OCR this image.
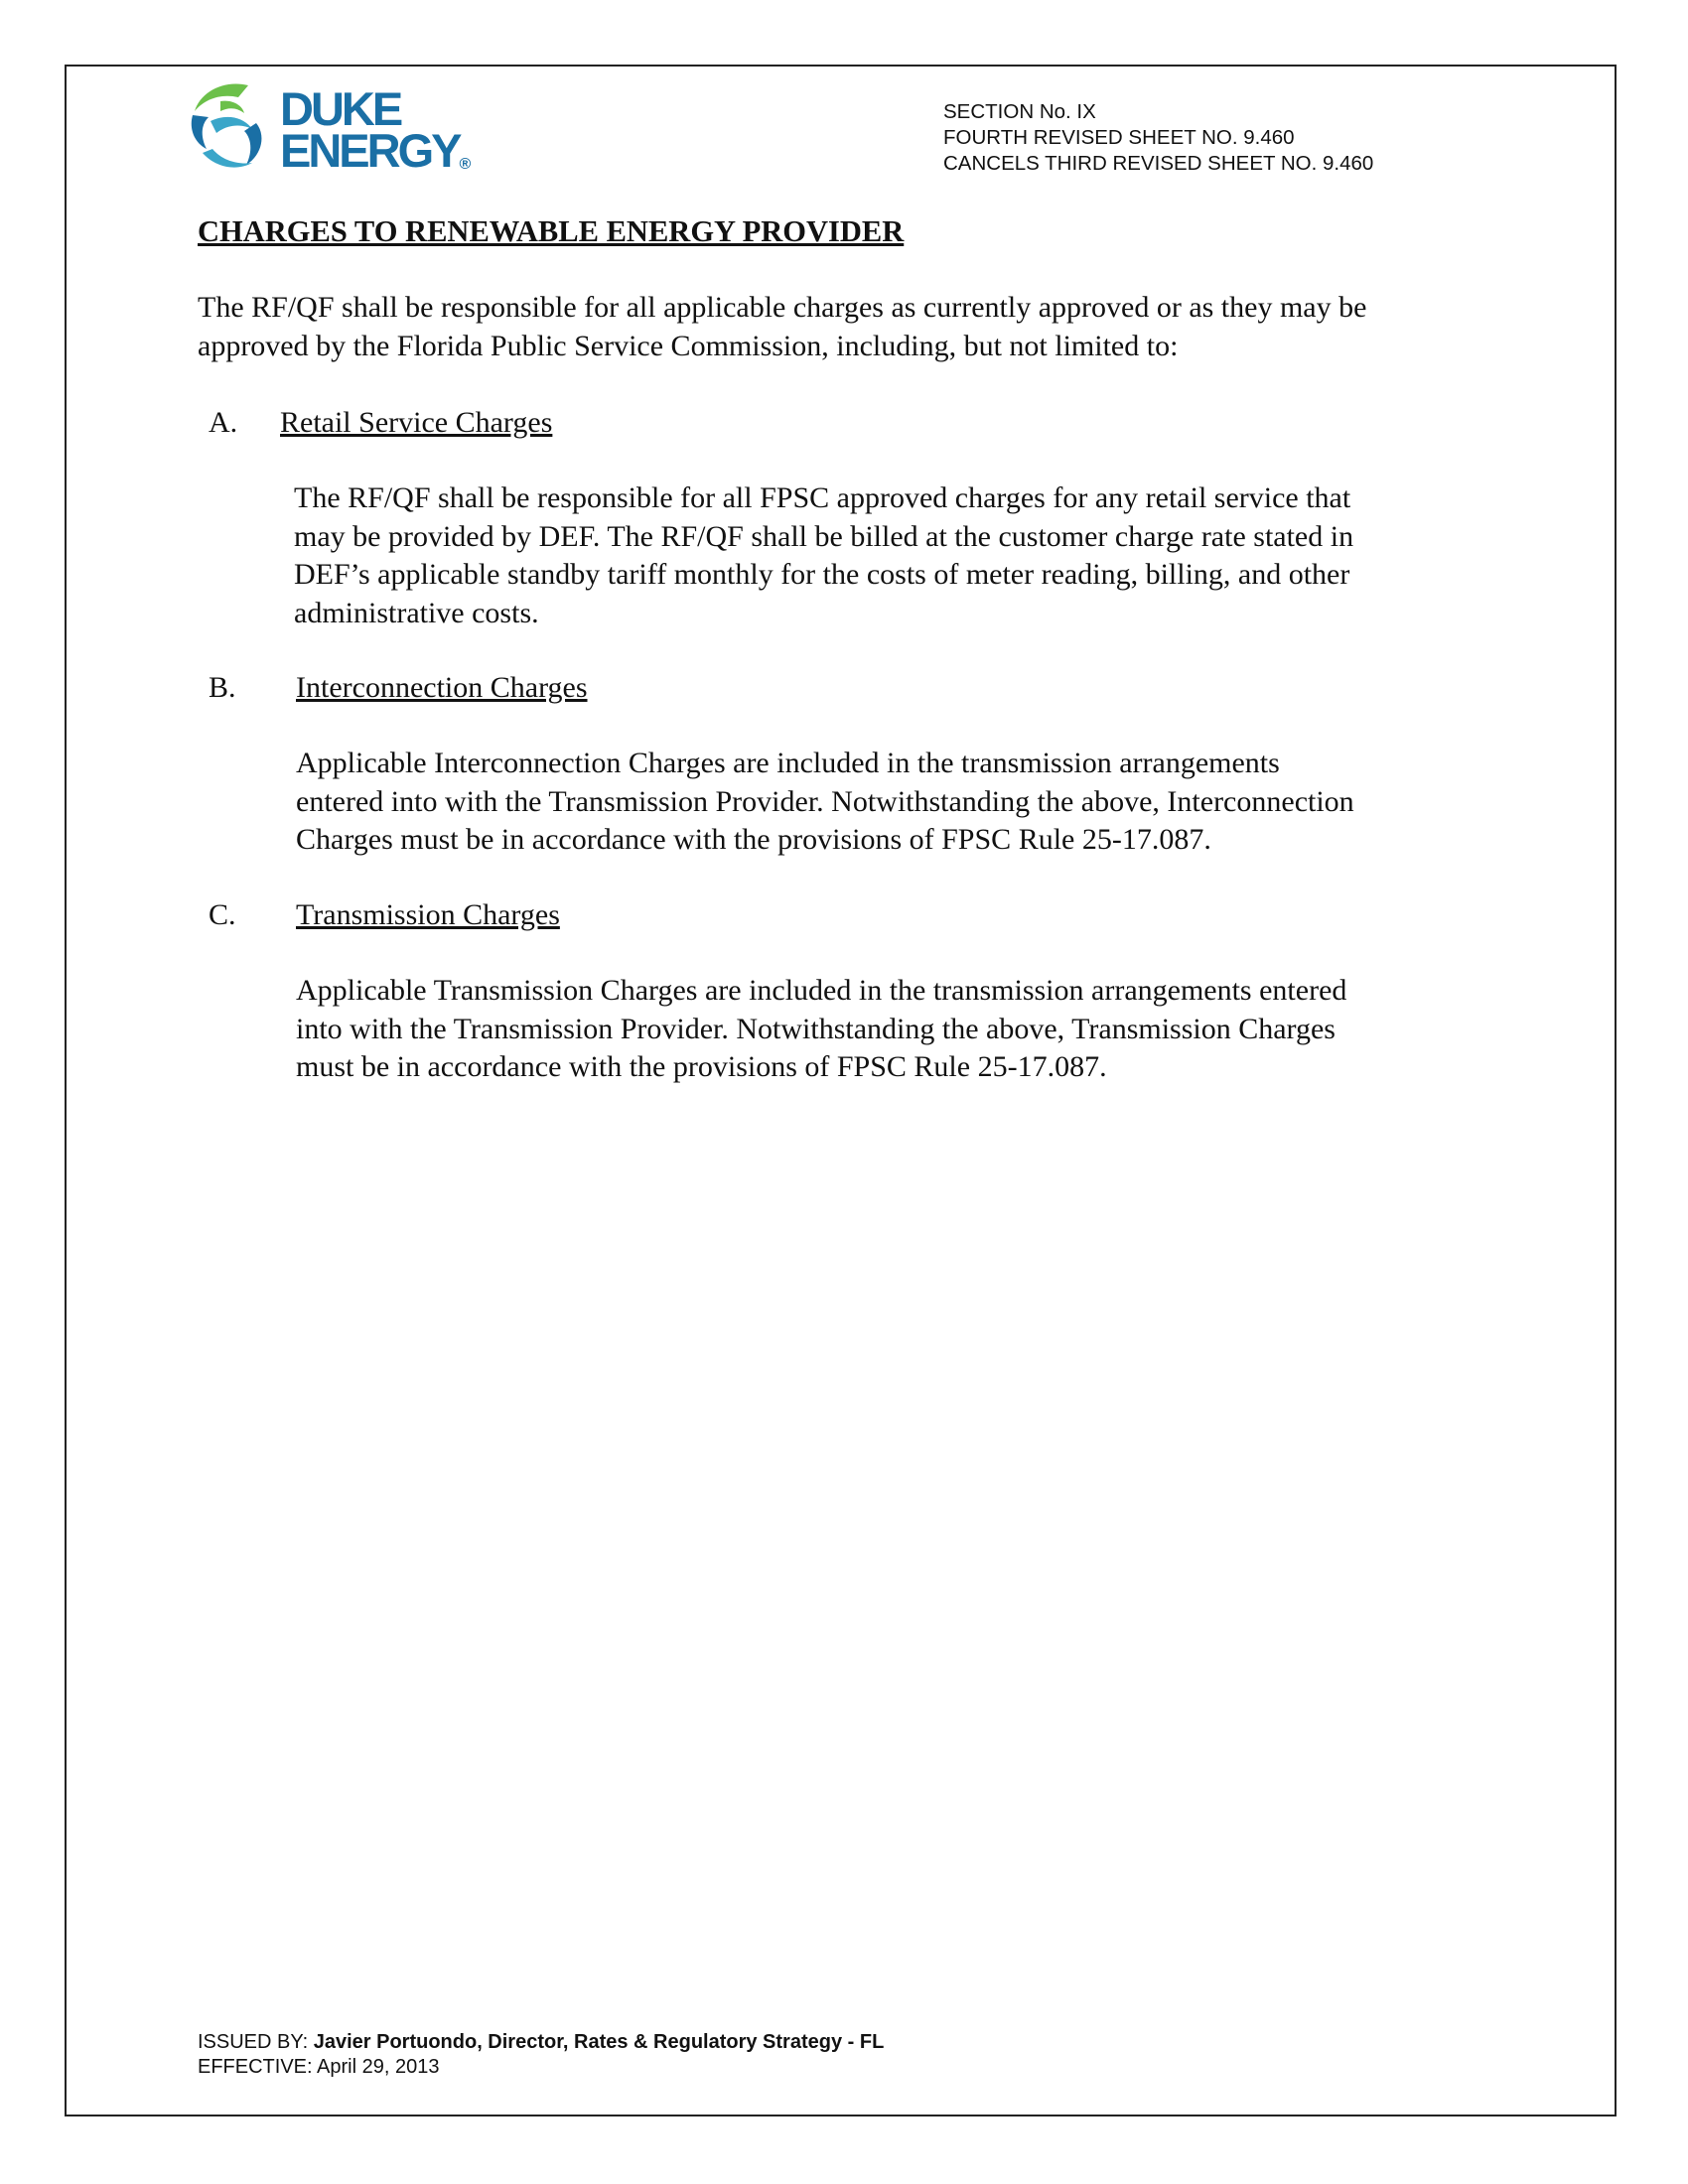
DUKE
ENERGY®
SECTION No. IX
FOURTH REVISED SHEET NO. 9.460
CANCELS THIRD REVISED SHEET NO. 9.460
CHARGES TO RENEWABLE ENERGY PROVIDER
The RF/QF shall be responsible for all applicable charges as currently approved or as they may be
approved by the Florida Public Service Commission, including, but not limited to:
A. Retail Service Charges
The RF/QF shall be responsible for all FPSC approved charges for any retail service that
may be provided by DEF. The RF/QF shall be billed at the customer charge rate stated in
DEF’s applicable standby tariff monthly for the costs of meter reading, billing, and other
administrative costs.
B. Interconnection Charges
Applicable Interconnection Charges are included in the transmission arrangements
entered into with the Transmission Provider. Notwithstanding the above, Interconnection
Charges must be in accordance with the provisions of FPSC Rule 25-17.087.
C. Transmission Charges
Applicable Transmission Charges are included in the transmission arrangements entered
into with the Transmission Provider. Notwithstanding the above, Transmission Charges
must be in accordance with the provisions of FPSC Rule 25-17.087.
ISSUED BY: Javier Portuondo, Director, Rates & Regulatory Strategy - FL
EFFECTIVE: April 29, 2013
